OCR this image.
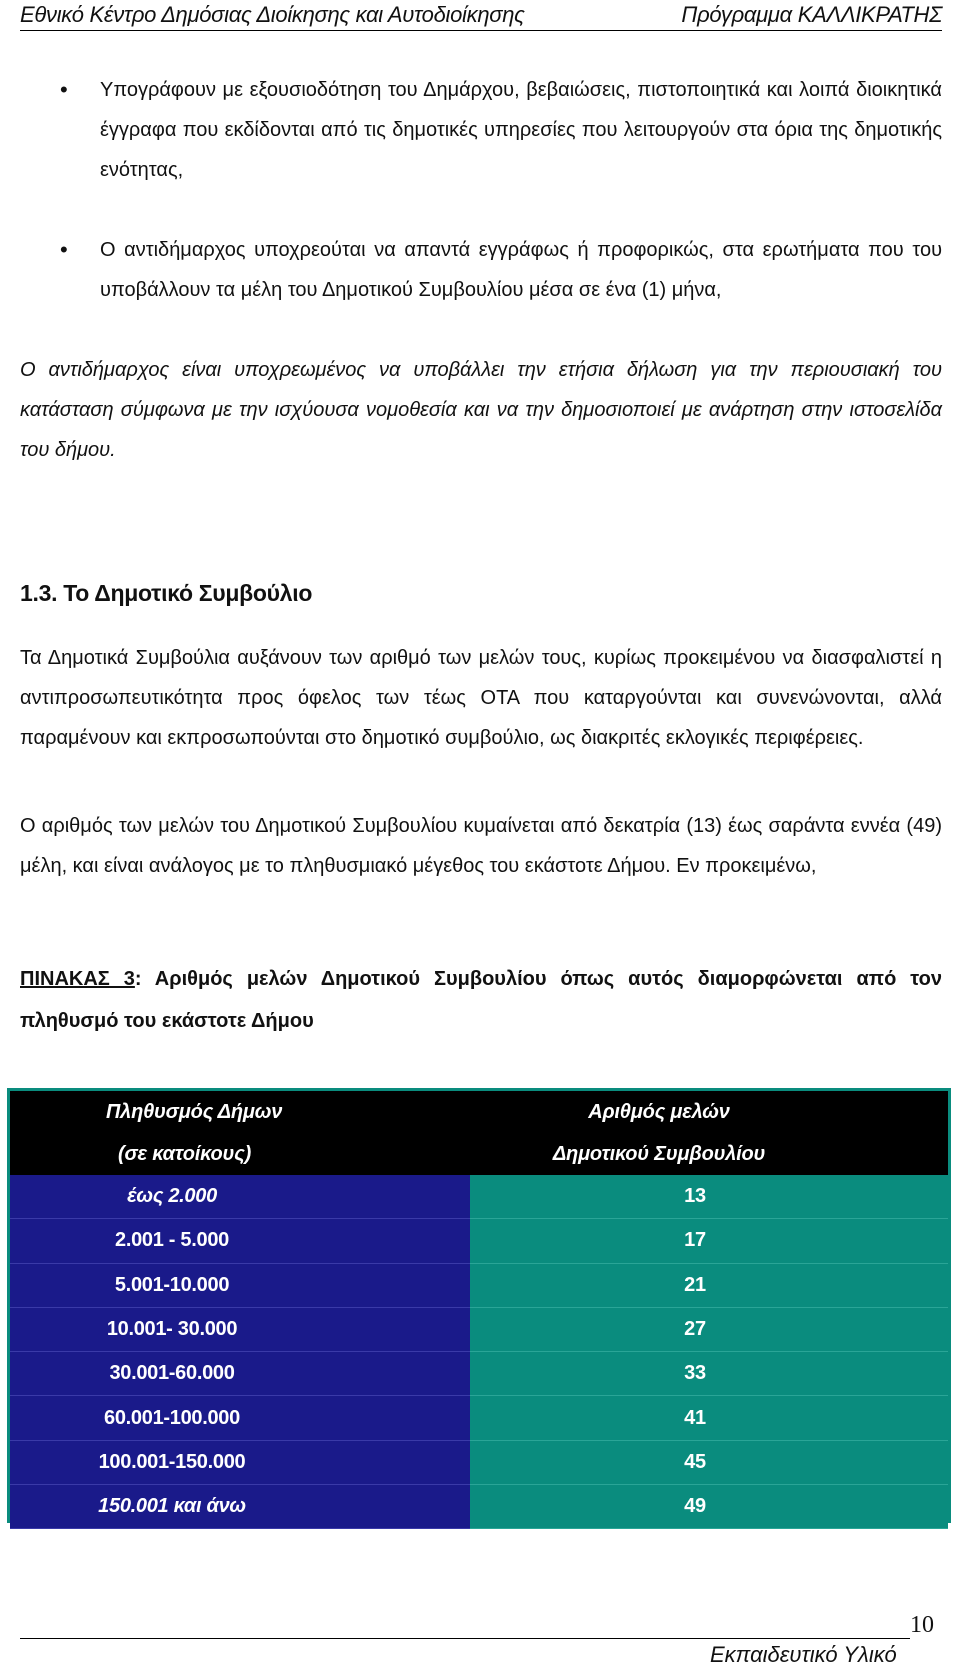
Εθνικό Κέντρο Δημόσιας Διοίκησης και Αυτοδιοίκησης	Πρόγραμμα ΚΑΛΛΙΚΡΑΤΗΣ
• Υπογράφουν με εξουσιοδότηση του Δημάρχου, βεβαιώσεις, πιστοποιητικά και λοιπά διοικητικά έγγραφα που εκδίδονται από τις δημοτικές υπηρεσίες που λειτουργούν στα όρια της δημοτικής ενότητας,
• Ο αντιδήμαρχος υποχρεούται να απαντά εγγράφως ή προφορικώς, στα ερωτήματα που του υποβάλλουν τα μέλη του Δημοτικού Συμβουλίου μέσα σε ένα (1) μήνα,
Ο αντιδήμαρχος είναι υποχρεωμένος να υποβάλλει την ετήσια δήλωση για την περιουσιακή του κατάσταση σύμφωνα με την ισχύουσα νομοθεσία και να την δημοσιοποιεί με ανάρτηση στην ιστοσελίδα του δήμου.
1.3. Το Δημοτικό Συμβούλιο
Τα Δημοτικά Συμβούλια αυξάνουν των αριθμό των μελών τους, κυρίως προκειμένου να διασφαλιστεί η αντιπροσωπευτικότητα προς όφελος των τέως ΟΤΑ που καταργούνται και συνενώνονται, αλλά παραμένουν και εκπροσωπούνται στο δημοτικό συμβούλιο, ως διακριτές εκλογικές περιφέρειες.
Ο αριθμός των μελών του Δημοτικού Συμβουλίου κυμαίνεται από δεκατρία (13) έως σαράντα εννέα (49) μέλη, και είναι ανάλογος με το πληθυσμιακό μέγεθος του εκάστοτε Δήμου. Εν προκειμένω,
ΠΙΝΑΚΑΣ 3: Αριθμός μελών Δημοτικού Συμβουλίου όπως αυτός διαμορφώνεται από τον πληθυσμό του εκάστοτε Δήμου
Πληθυσμός Δήμων	Αριθμός μελών
(σε κατοίκους)	Δημοτικού Συμβουλίου
έως 2.000	13
2.001 - 5.000	17
5.001-10.000	21
10.001- 30.000	27
30.001-60.000	33
60.001-100.000	41
100.001-150.000	45
150.001 και άνω	49
10
Εκπαιδευτικό Υλικό
